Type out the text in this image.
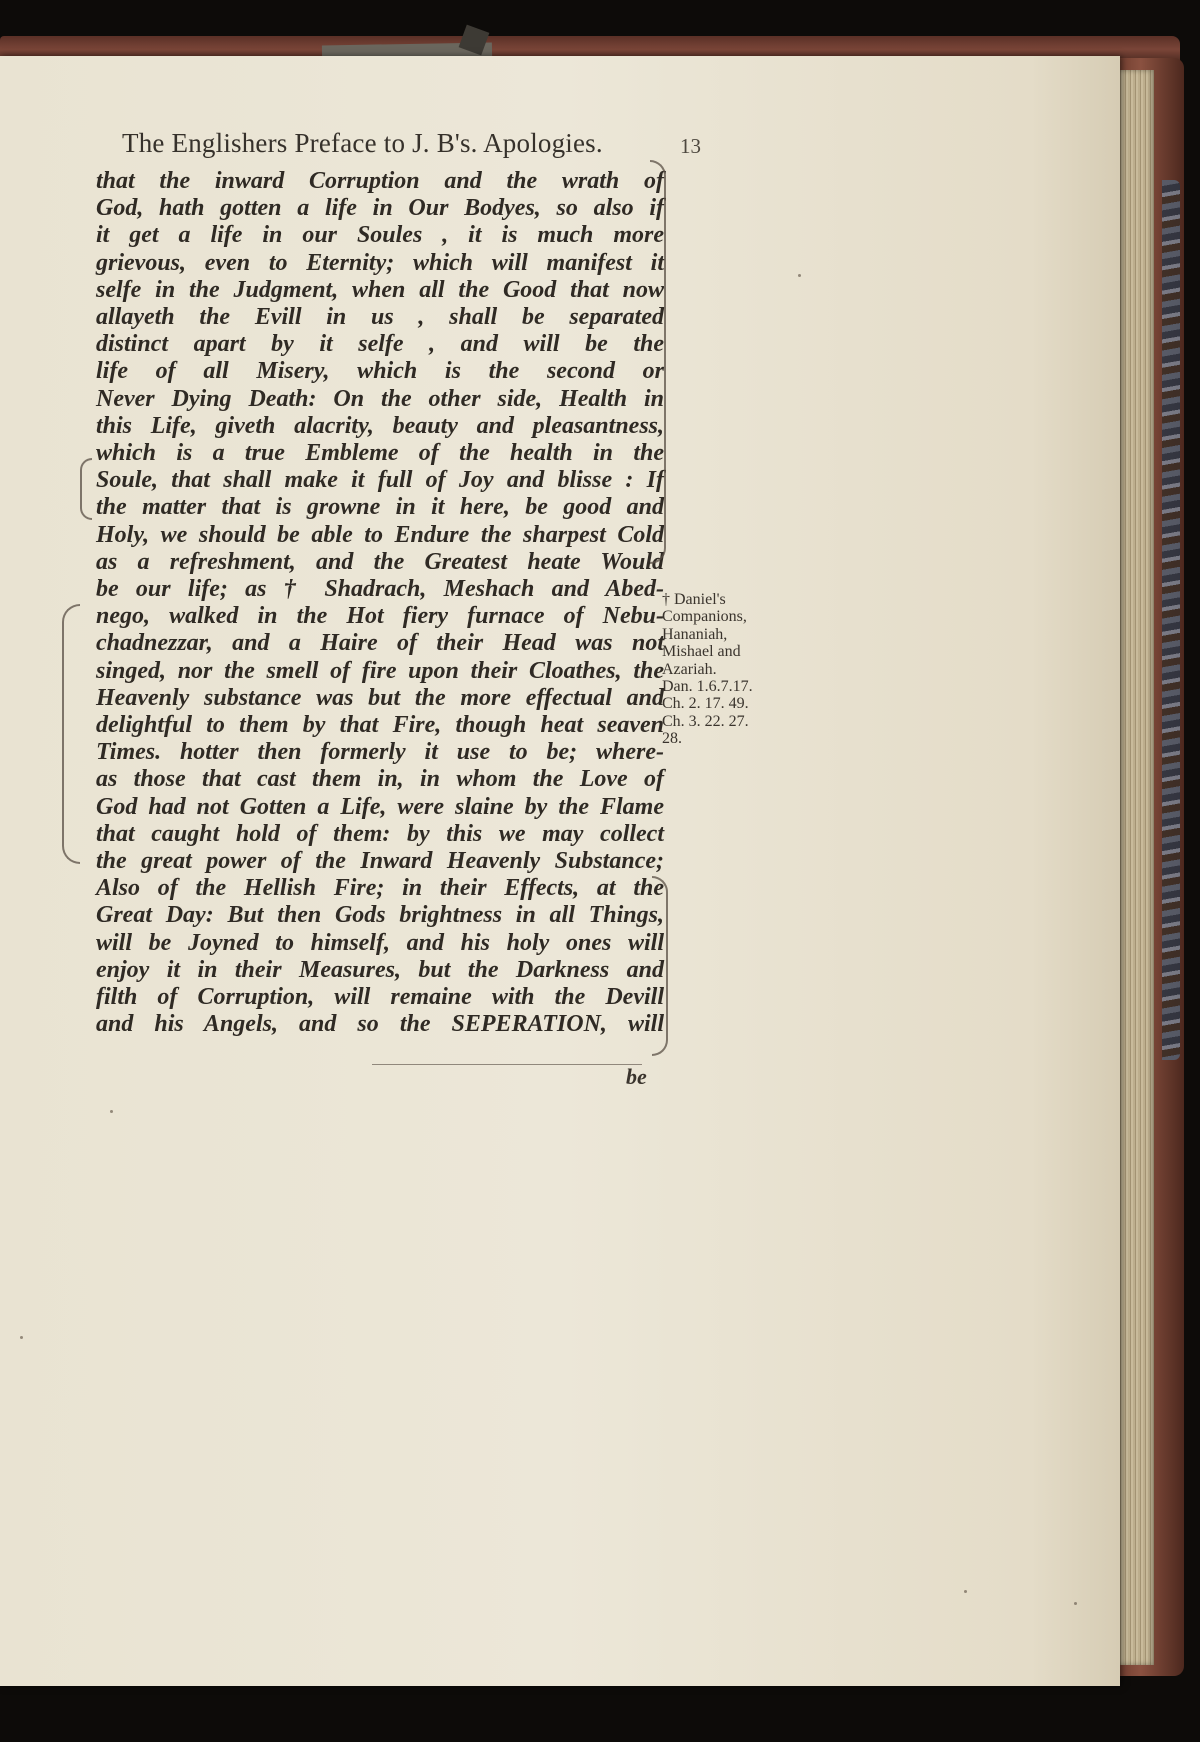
The Englishers Preface to J. B's. Apologies.	13
that the inward Corruption and the wrath of
God, hath gotten a life in Our Bodyes, so also if
it get a life in our Soules , it is much more
grievous, even to Eternity; which will manifest it
selfe in the Judgment, when all the Good that now
allayeth the Evill in us , shall be separated
distinct apart by it selfe , and will be the
life of all Misery, which is the second or
Never Dying Death: On the other side, Health in
this Life, giveth alacrity, beauty and pleasantness,
which is a true Embleme of the health in the
Soule, that shall make it full of Joy and blisse : If
the matter that is growne in it here, be good and
Holy, we should be able to Endure the sharpest Cold
as a refreshment, and the Greatest heate Would
be our life; as † Shadrach, Meshach and Abed-
nego, walked in the Hot fiery furnace of Nebu-
chadnezzar, and a Haire of their Head was not
singed, nor the smell of fire upon their Cloathes, the
Heavenly substance was but the more effectual and
delightful to them by that Fire, though heat seaven
Times. hotter then formerly it use to be; where-
as those that cast them in, in whom the Love of
God had not Gotten a Life, were slaine by the Flame
that caught hold of them: by this we may collect
the great power of the Inward Heavenly Substance;
Also of the Hellish Fire; in their Effects, at the
Great Day: But then Gods brightness in all Things,
will be Joyned to himself, and his holy ones will
enjoy it in their Measures, but the Darkness and
filth of Corruption, will remaine with the Devill
and his Angels, and so the SEPERATION, will
be
† Daniel's
Companions,
Hananiah,
Mishael and
Azariah.
Dan. 1.6.7.17.
Ch. 2. 17. 49.
Ch. 3. 22. 27.
28.
